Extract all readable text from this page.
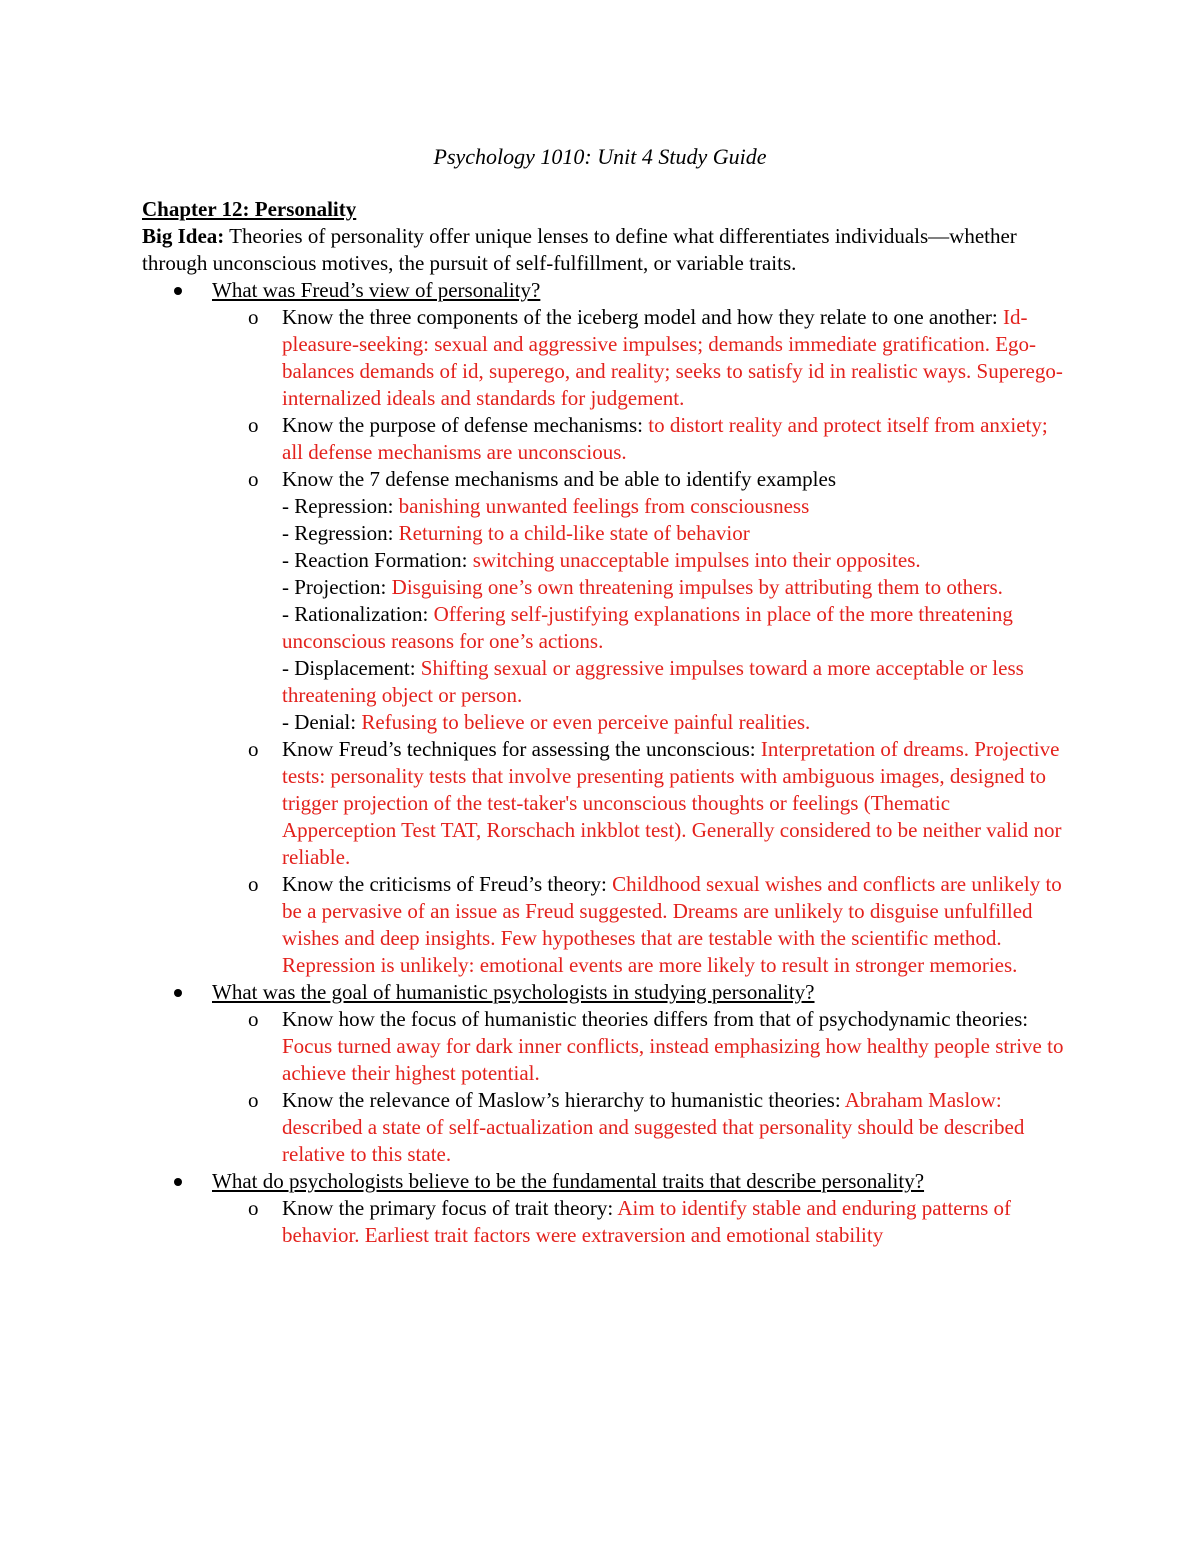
Psychology 1010: Unit 4 Study Guide

Chapter 12: Personality

Big Idea: Theories of personality offer unique lenses to define what differentiates individuals—whether through unconscious motives, the pursuit of self-fulfillment, or variable traits.

What was Freud’s view of personality?
o Know the three components of the iceberg model and how they relate to one another: Id- pleasure-seeking: sexual and aggressive impulses; demands immediate gratification. Ego- balances demands of id, superego, and reality; seeks to satisfy id in realistic ways. Superego- internalized ideals and standards for judgement.
o Know the purpose of defense mechanisms: to distort reality and protect itself from anxiety; all defense mechanisms are unconscious.
o Know the 7 defense mechanisms and be able to identify examples
- Repression: banishing unwanted feelings from consciousness
- Regression: Returning to a child-like state of behavior
- Reaction Formation: switching unacceptable impulses into their opposites.
- Projection: Disguising one’s own threatening impulses by attributing them to others.
- Rationalization: Offering self-justifying explanations in place of the more threatening unconscious reasons for one’s actions.
- Displacement: Shifting sexual or aggressive impulses toward a more acceptable or less threatening object or person.
- Denial: Refusing to believe or even perceive painful realities.
o Know Freud’s techniques for assessing the unconscious: Interpretation of dreams. Projective tests: personality tests that involve presenting patients with ambiguous images, designed to trigger projection of the test-taker's unconscious thoughts or feelings (Thematic Apperception Test TAT, Rorschach inkblot test). Generally considered to be neither valid nor reliable.
o Know the criticisms of Freud’s theory: Childhood sexual wishes and conflicts are unlikely to be a pervasive of an issue as Freud suggested. Dreams are unlikely to disguise unfulfilled wishes and deep insights. Few hypotheses that are testable with the scientific method. Repression is unlikely: emotional events are more likely to result in stronger memories.
What was the goal of humanistic psychologists in studying personality?
o Know how the focus of humanistic theories differs from that of psychodynamic theories: Focus turned away for dark inner conflicts, instead emphasizing how healthy people strive to achieve their highest potential.
o Know the relevance of Maslow’s hierarchy to humanistic theories: Abraham Maslow: described a state of self-actualization and suggested that personality should be described relative to this state.
What do psychologists believe to be the fundamental traits that describe personality?
o Know the primary focus of trait theory: Aim to identify stable and enduring patterns of behavior. Earliest trait factors were extraversion and emotional stability
